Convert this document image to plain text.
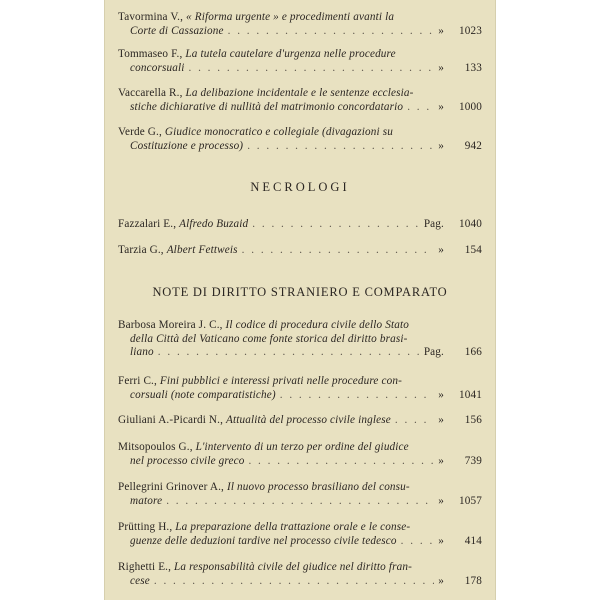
Tavormina V., « Riforma urgente » e procedimenti avanti la
Corte di Cassazione . . .	»	1023
Tommaseo F., La tutela cautelare d'urgenza nelle procedure
concorsuali . . .	»	133
Vaccarella R., La delibazione incidentale e le sentenze ecclesia-
stiche dichiarative di nullità del matrimonio concordatario . . .	»	1000
Verde G., Giudice monocratico e collegiale (divagazioni su
Costituzione e processo) . . .	»	942
NECROLOGI
Fazzalari E., Alfredo Buzaid . . .	Pag.	1040
Tarzia G., Albert Fettweis . . .	»	154
NOTE DI DIRITTO STRANIERO E COMPARATO
Barbosa Moreira J. C., Il codice di procedura civile dello Stato
della Città del Vaticano come fonte storica del diritto brasi-
liano . . .	Pag.	166
Ferri C., Fini pubblici e interessi privati nelle procedure con-
corsuali (note comparatistiche) . . .	»	1041
Giuliani A.-Picardi N., Attualità del processo civile inglese . . .	»	156
Mitsopoulos G., L'intervento di un terzo per ordine del giudice
nel processo civile greco . . .	»	739
Pellegrini Grinover A., Il nuovo processo brasiliano del consu-
matore . . .	»	1057
Prütting H., La preparazione della trattazione orale e le conse-
guenze delle deduzioni tardive nel processo civile tedesco . . .	»	414
Righetti E., La responsabilità civile del giudice nel diritto fran-
cese . . .	»	178
